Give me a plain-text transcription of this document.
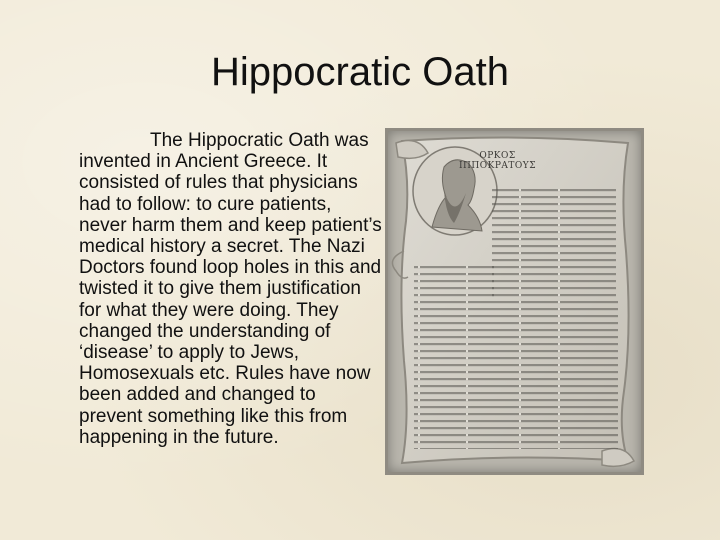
Hippocratic Oath

The Hippocratic Oath was invented in Ancient Greece. It consisted of rules that physicians had to follow: to cure patients, never harm them and keep patient’s medical history a secret. The Nazi Doctors found loop holes in this and twisted it to give them justification for what they were doing. They changed the understanding of ‘disease’ to apply to Jews, Homosexuals etc. Rules have now been added and changed to prevent something like this from happening in the future.

ΟΡΚΟΣ
ΙΠΠΟΚΡΑΤΟΥΣ
